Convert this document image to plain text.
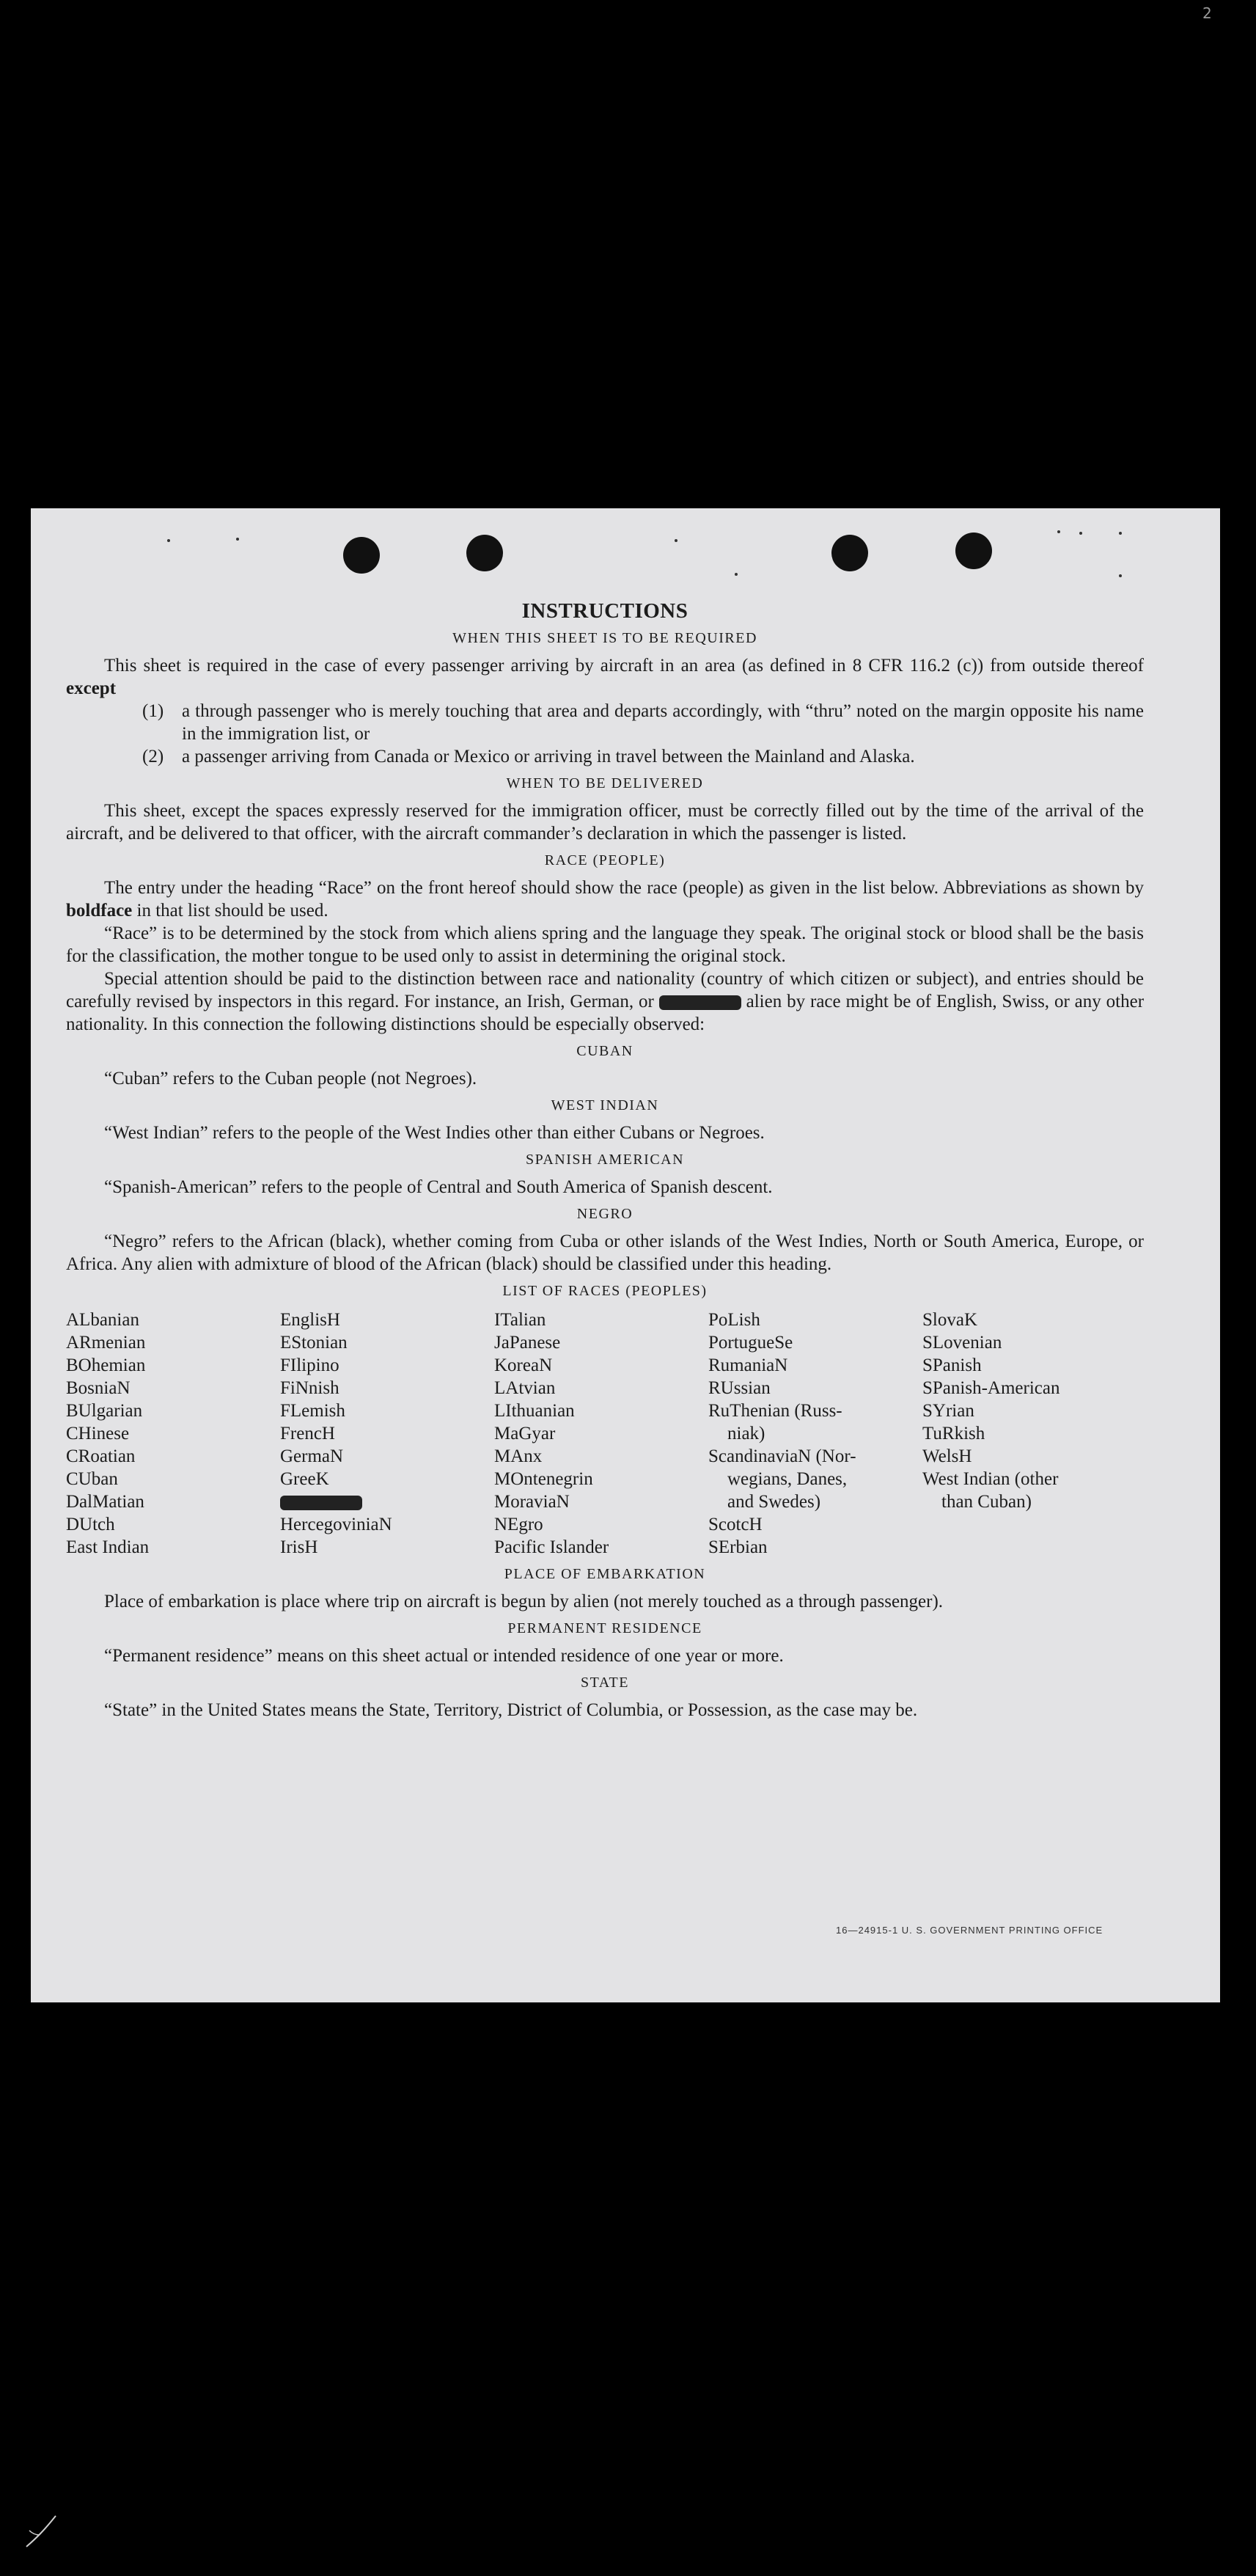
2
INSTRUCTIONS
WHEN THIS SHEET IS TO BE REQUIRED

This sheet is required in the case of every passenger arriving by aircraft in an area (as defined in 8 CFR 116.2 (c)) from outside thereof except

(1) a through passenger who is merely touching that area and departs accordingly, with “thru” noted on the margin opposite his name in the immigration list, or
(2) a passenger arriving from Canada or Mexico or arriving in travel between the Mainland and Alaska.
WHEN TO BE DELIVERED

This sheet, except the spaces expressly reserved for the immigration officer, must be correctly filled out by the time of the arrival of the aircraft, and be delivered to that officer, with the aircraft commander’s declaration in which the passenger is listed.

RACE (PEOPLE)

The entry under the heading “Race” on the front hereof should show the race (people) as given in the list below. Abbreviations as shown by boldface in that list should be used.

“Race” is to be determined by the stock from which aliens spring and the language they speak. The original stock or blood shall be the basis for the classification, the mother tongue to be used only to assist in determining the original stock.

Special attention should be paid to the distinction between race and nationality (country of which citizen or subject), and entries should be carefully revised by inspectors in this regard. For instance, an Irish, German, or	alien by race might be of English, Swiss, or any other nationality. In this connection the following distinctions should be especially observed:

CUBAN

“Cuban” refers to the Cuban people (not Negroes).

WEST INDIAN

“West Indian” refers to the people of the West Indies other than either Cubans or Negroes.

SPANISH AMERICAN

“Spanish-American” refers to the people of Central and South America of Spanish descent.

NEGRO

“Negro” refers to the African (black), whether coming from Cuba or other islands of the West Indies, North or South America, Europe, or Africa. Any alien with admixture of blood of the African (black) should be classified under this heading.

LIST OF RACES (PEOPLES)
ALbanian
ARmenian
BOhemian
BosniaN
BUlgarian
CHinese
CRoatian
CUban
DalMatian
DUtch
East Indian
EnglisH
EStonian
FIlipino
FiNnish
FLemish
FrencH
GermaN
GreeK
HercegoviniaN
IrisH
ITalian
JaPanese
KoreaN
LAtvian
LIthuanian
MaGyar
MAnx
MOntenegrin
MoraviaN
NEgro
Pacific Islander
PoLish
PortugueSe
RumaniaN
RUssian
RuThenian (Russ-
niak)
ScandinaviaN (Nor-
wegians, Danes,
and Swedes)
ScotcH
SErbian
SlovaK
SLovenian
SPanish
SPanish-American
SYrian
TuRkish
WelsH
West Indian (other
than Cuban)
PLACE OF EMBARKATION

Place of embarkation is place where trip on aircraft is begun by alien (not merely touched as a through passenger).

PERMANENT RESIDENCE

“Permanent residence” means on this sheet actual or intended residence of one year or more.

STATE

“State” in the United States means the State, Territory, District of Columbia, or Possession, as the case may be.

16—24915-1 U. S. GOVERNMENT PRINTING OFFICE
